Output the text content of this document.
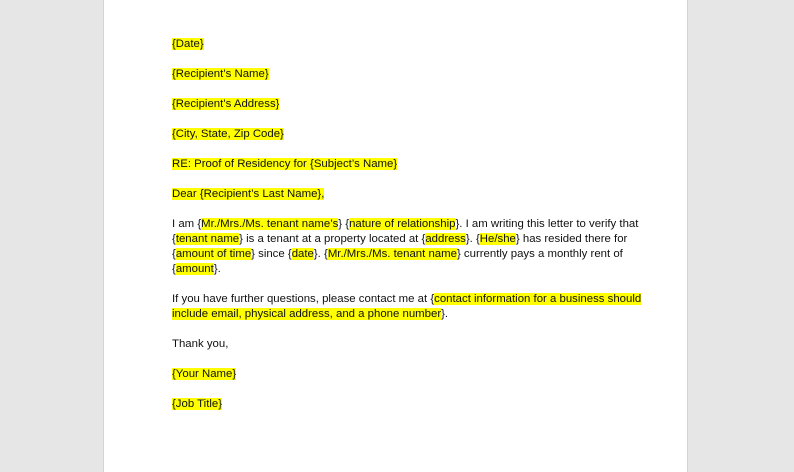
{Date}
{Recipient’s Name}
{Recipient’s Address}
{City, State, Zip Code}
RE: Proof of Residency for {Subject’s Name}
Dear {Recipient’s Last Name},
I am {Mr./Mrs./Ms. tenant name’s} {nature of relationship}. I am writing this letter to verify that
{tenant name} is a tenant at a property located at {address}. {He/she} has resided there for
{amount of time} since {date}. {Mr./Mrs./Ms. tenant name} currently pays a monthly rent of
{amount}.
If you have further questions, please contact me at {contact information for a business should
include email, physical address, and a phone number}.
Thank you,
{Your Name}
{Job Title}
